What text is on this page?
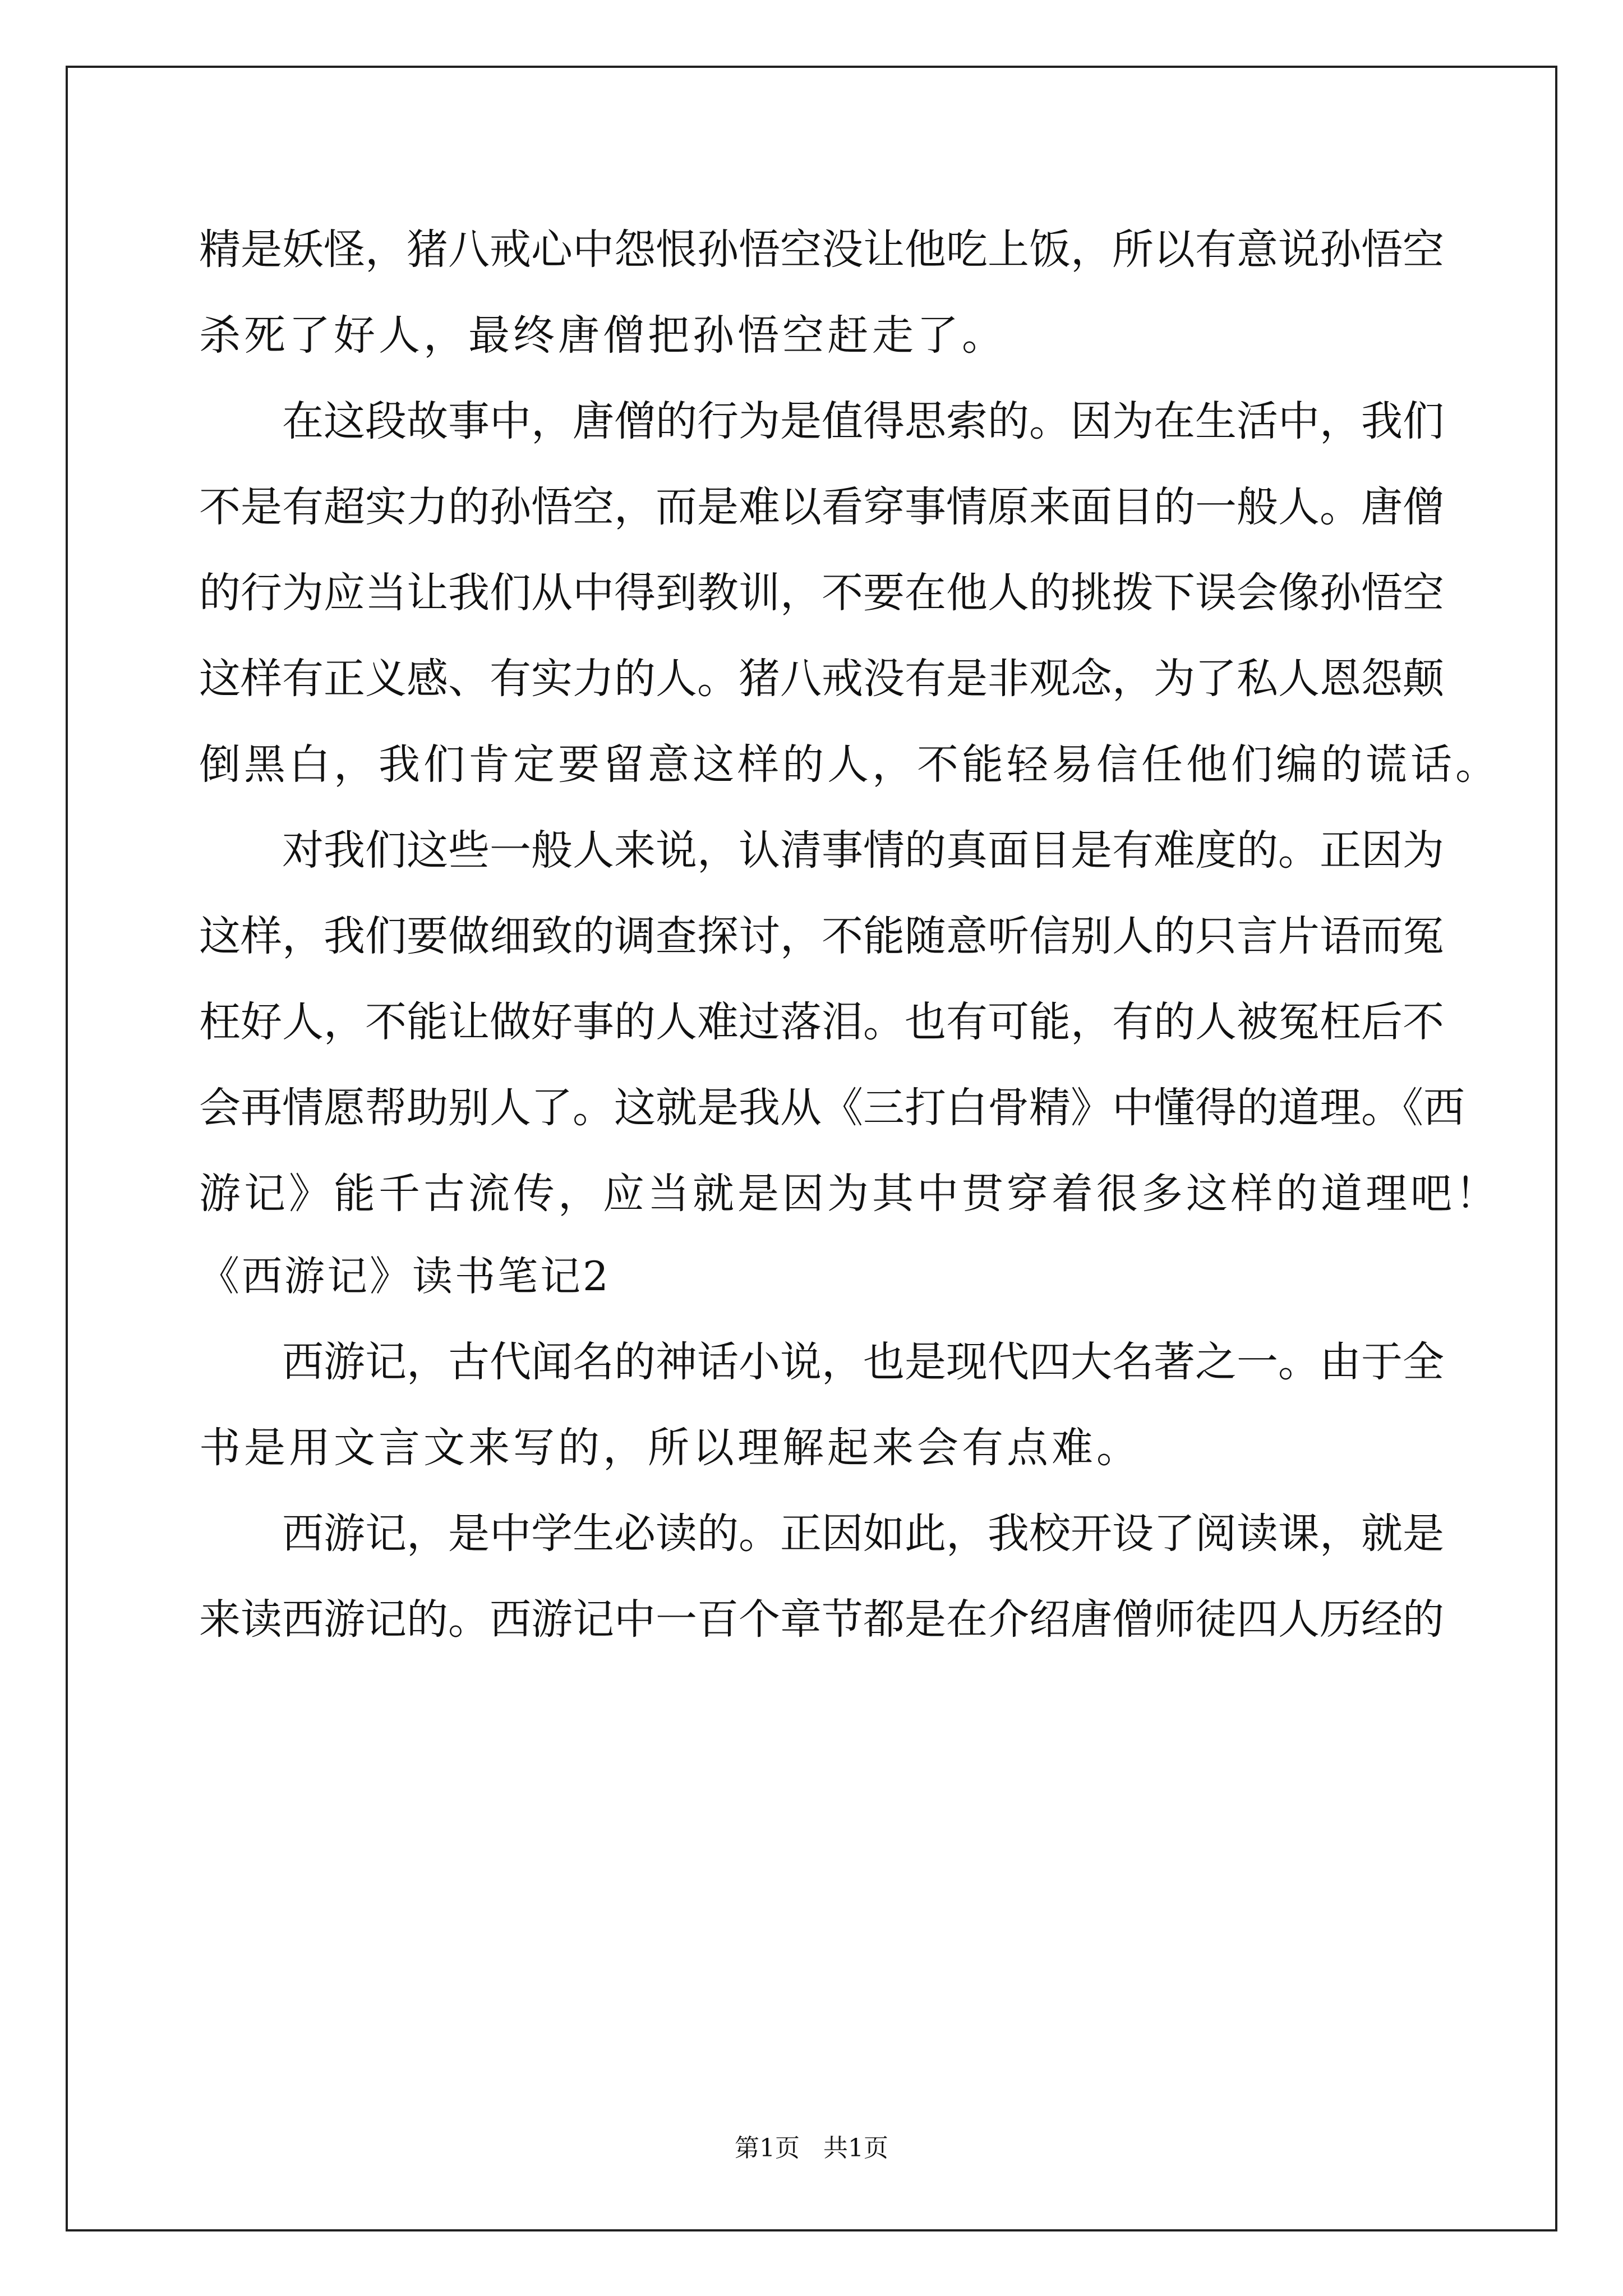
精是妖怪，猪八戒心中怨恨孙悟空没让他吃上饭，所以有意说孙悟空
杀死了好人，最终唐僧把孙悟空赶走了。
在这段故事中，唐僧的行为是值得思索的。因为在生活中，我们
不是有超实力的孙悟空，而是难以看穿事情原来面目的一般人。唐僧
的行为应当让我们从中得到教训，不要在他人的挑拨下误会像孙悟空
这样有正义感、有实力的人。猪八戒没有是非观念，为了私人恩怨颠
倒黑白，我们肯定要留意这样的人，不能轻易信任他们编的谎话。
对我们这些一般人来说，认清事情的真面目是有难度的。正因为
这样，我们要做细致的调查探讨，不能随意听信别人的只言片语而冤
枉好人，不能让做好事的人难过落泪。也有可能，有的人被冤枉后不
会再情愿帮助别人了。这就是我从《三打白骨精》中懂得的道理。《西
游记》能千古流传，应当就是因为其中贯穿着很多这样的道理吧！
《西游记》读书笔记2
西游记，古代闻名的神话小说，也是现代四大名著之一。由于全
书是用文言文来写的，所以理解起来会有点难。
西游记，是中学生必读的。正因如此，我校开设了阅读课，就是
来读西游记的。西游记中一百个章节都是在介绍唐僧师徒四人历经的
第1页 共1页
